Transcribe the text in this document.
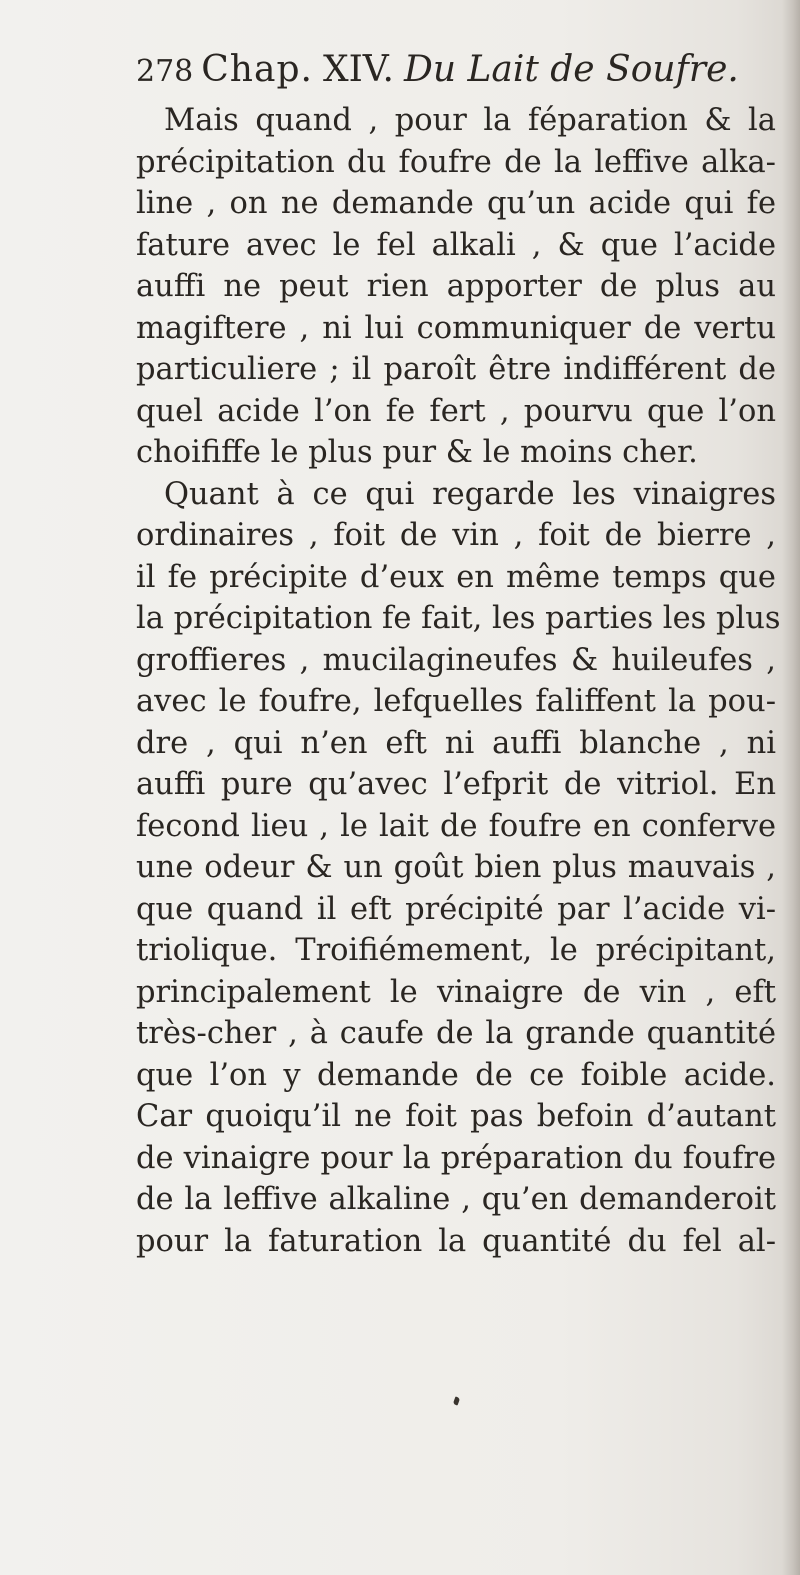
278 Chap. XIV. Du Lait de Soufre.
Mais quand , pour la féparation & la
précipitation du foufre de la leffive alka-
line , on ne demande qu’un acide qui fe
fature avec le fel alkali , & que l’acide
auffi ne peut rien apporter de plus au
magiftere , ni lui communiquer de vertu
particuliere ; il paroît être indifférent de
quel acide l’on fe fert , pourvu que l’on
choififfe le plus pur & le moins cher.
Quant à ce qui regarde les vinaigres
ordinaires , foit de vin , foit de bierre ,
il fe précipite d’eux en même temps que
la précipitation fe fait, les parties les plus
groffieres , mucilagineufes & huileufes ,
avec le foufre, lefquelles faliffent la pou-
dre , qui n’en eft ni auffi blanche , ni
auffi pure qu’avec l’efprit de vitriol. En
fecond lieu , le lait de foufre en conferve
une odeur & un goût bien plus mauvais ,
que quand il eft précipité par l’acide vi-
triolique. Troifiémement, le précipitant,
principalement le vinaigre de vin , eft
très-cher , à caufe de la grande quantité
que l’on y demande de ce foible acide.
Car quoiqu’il ne foit pas befoin d’autant
de vinaigre pour la préparation du foufre
de la leffive alkaline , qu’en demanderoit
pour la faturation la quantité du fel al-
